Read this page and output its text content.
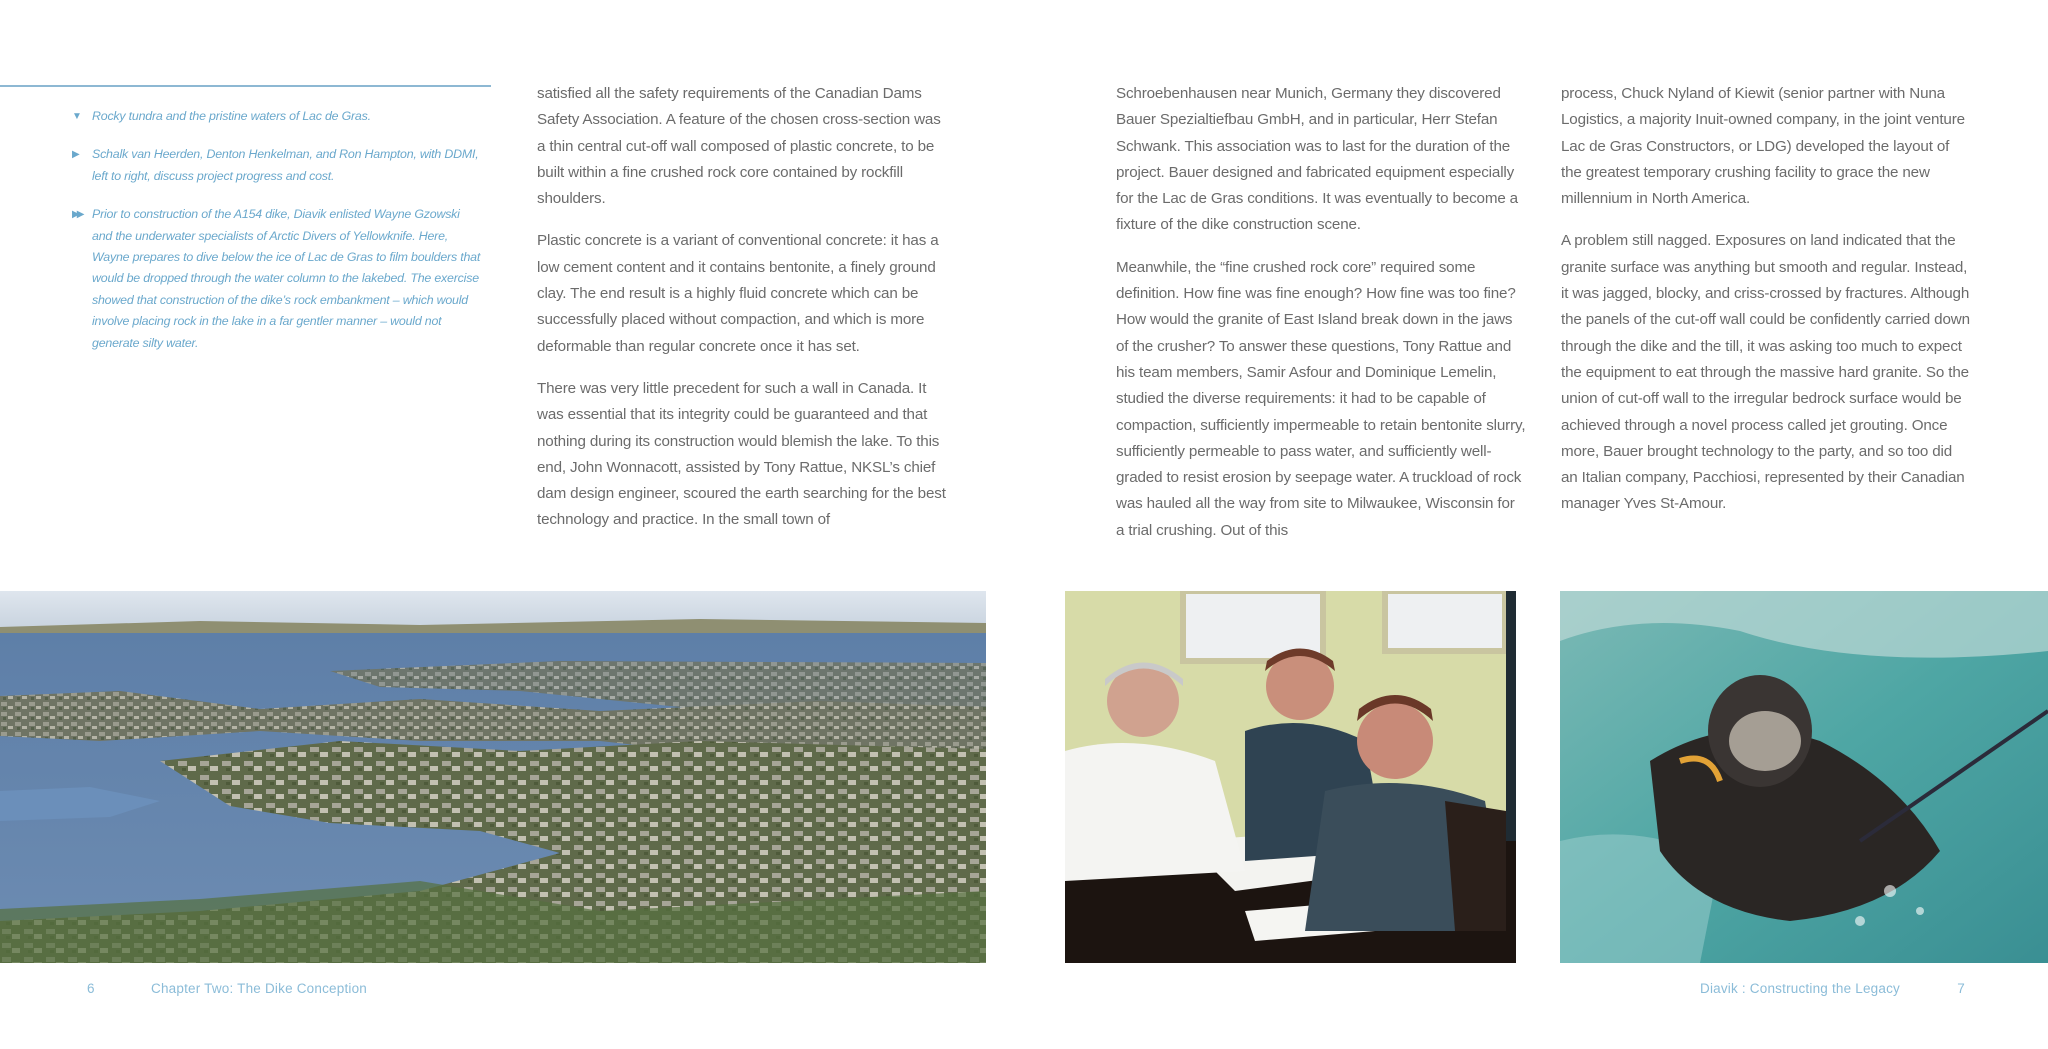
▼ Rocky tundra and the pristine waters of Lac de Gras.
▶ Schalk van Heerden, Denton Henkelman, and Ron Hampton, with DDMI, left to right, discuss project progress and cost.
▶▶ Prior to construction of the A154 dike, Diavik enlisted Wayne Gzowski and the underwater specialists of Arctic Divers of Yellowknife. Here, Wayne prepares to dive below the ice of Lac de Gras to film boulders that would be dropped through the water column to the lakebed. The exercise showed that construction of the dike’s rock embankment – which would involve placing rock in the lake in a far gentler manner – would not generate silty water.

satisfied all the safety requirements of the Canadian Dams Safety Association. A feature of the chosen cross-section was a thin central cut-off wall composed of plastic concrete, to be built within a fine crushed rock core contained by rockfill shoulders.

Plastic concrete is a variant of conventional concrete: it has a low cement content and it contains bentonite, a finely ground clay. The end result is a highly fluid concrete which can be successfully placed without compaction, and which is more deformable than regular concrete once it has set.

There was very little precedent for such a wall in Canada. It was essential that its integrity could be guaranteed and that nothing during its construction would blemish the lake. To this end, John Wonnacott, assisted by Tony Rattue, NKSL’s chief dam design engineer, scoured the earth searching for the best technology and practice. In the small town of

Schroebenhausen near Munich, Germany they discovered Bauer Spezialtiefbau GmbH, and in particular, Herr Stefan Schwank. This association was to last for the duration of the project. Bauer designed and fabricated equipment especially for the Lac de Gras conditions. It was eventually to become a fixture of the dike construction scene.

Meanwhile, the “fine crushed rock core” required some definition. How fine was fine enough? How fine was too fine? How would the granite of East Island break down in the jaws of the crusher? To answer these questions, Tony Rattue and his team members, Samir Asfour and Dominique Lemelin, studied the diverse requirements: it had to be capable of compaction, sufficiently impermeable to retain bentonite slurry, sufficiently permeable to pass water, and sufficiently well-graded to resist erosion by seepage water. A truckload of rock was hauled all the way from site to Milwaukee, Wisconsin for a trial crushing. Out of this

process, Chuck Nyland of Kiewit (senior partner with Nuna Logistics, a majority Inuit-owned company, in the joint venture Lac de Gras Constructors, or LDG) developed the layout of the greatest temporary crushing facility to grace the new millennium in North America.

A problem still nagged. Exposures on land indicated that the granite surface was anything but smooth and regular. Instead, it was jagged, blocky, and criss-crossed by fractures. Although the panels of the cut-off wall could be confidently carried down through the dike and the till, it was asking too much to expect the equipment to eat through the massive hard granite. So the union of cut-off wall to the irregular bedrock surface would be achieved through a novel process called jet grouting. Once more, Bauer brought technology to the party, and so too did an Italian company, Pacchiosi, represented by their Canadian manager Yves St-Amour.

6	Chapter Two: The Dike Conception	Diavik : Constructing the Legacy	7
